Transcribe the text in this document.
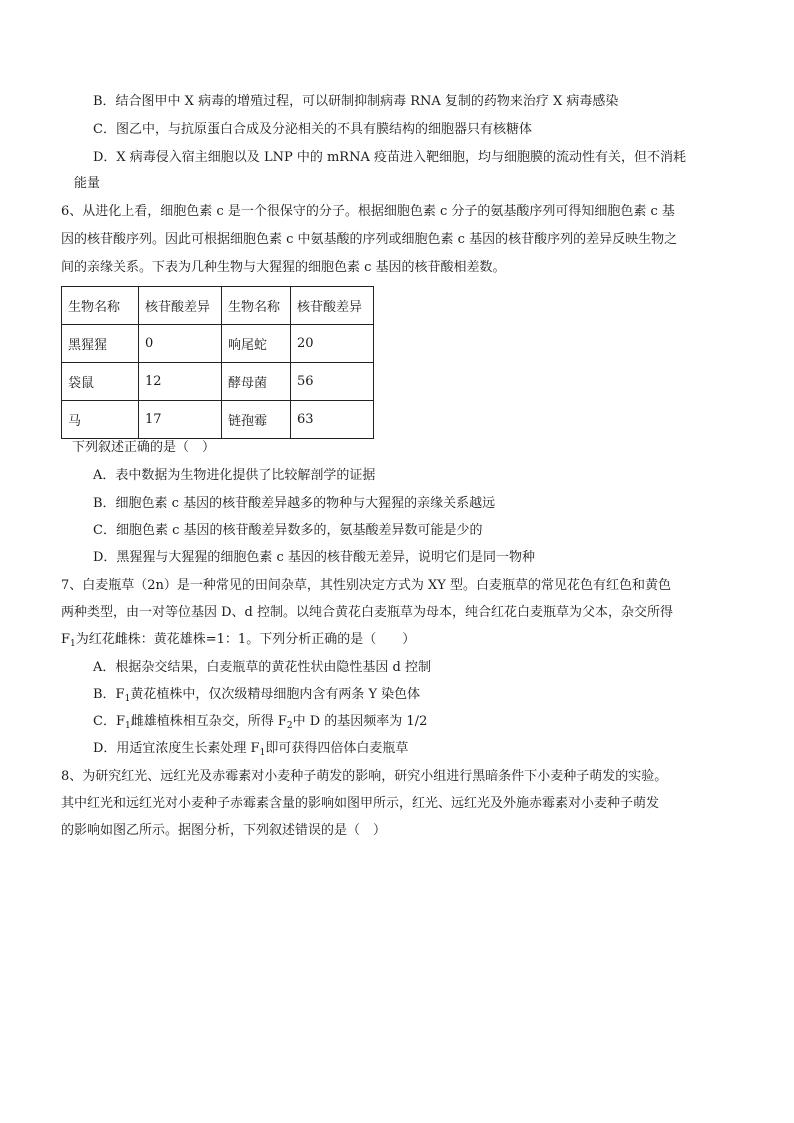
B．结合图甲中 X 病毒的增殖过程，可以研制抑制病毒 RNA 复制的药物来治疗 X 病毒感染
C．图乙中，与抗原蛋白合成及分泌相关的不具有膜结构的细胞器只有核糖体
D．X 病毒侵入宿主细胞以及 LNP 中的 mRNA 疫苗进入靶细胞，均与细胞膜的流动性有关，但不消耗
能量
6、从进化上看，细胞色素 c 是一个很保守的分子。根据细胞色素 c 分子的氨基酸序列可得知细胞色素 c 基
因的核苷酸序列。因此可根据细胞色素 c 中氨基酸的序列或细胞色素 c 基因的核苷酸序列的差异反映生物之
间的亲缘关系。下表为几种生物与大猩猩的细胞色素 c 基因的核苷酸相差数。
生物名称	核苷酸差异	生物名称	核苷酸差异
黑猩猩	0	响尾蛇	20
袋鼠	12	酵母菌	56
马	17	链孢霉	63
下列叙述正确的是（　）
A．表中数据为生物进化提供了比较解剖学的证据
B．细胞色素 c 基因的核苷酸差异越多的物种与大猩猩的亲缘关系越远
C．细胞色素 c 基因的核苷酸差异数多的，氨基酸差异数可能是少的
D．黑猩猩与大猩猩的细胞色素 c 基因的核苷酸无差异，说明它们是同一物种
7、白麦瓶草（2n）是一种常见的田间杂草，其性别决定方式为 XY 型。白麦瓶草的常见花色有红色和黄色
两种类型，由一对等位基因 D、d 控制。以纯合黄花白麦瓶草为母本，纯合红花白麦瓶草为父本，杂交所得
$F_1$为红花雌株：黄花雄株=1：1。下列分析正确的是（　　）
A．根据杂交结果，白麦瓶草的黄花性状由隐性基因 d 控制
B．$F_1$黄花植株中，仅次级精母细胞内含有两条 Y 染色体
C．$F_1$雌雄植株相互杂交，所得 $F_2$中 D 的基因频率为 1/2
D．用适宜浓度生长素处理 $F_1$即可获得四倍体白麦瓶草
8、为研究红光、远红光及赤霉素对小麦种子萌发的影响，研究小组进行黑暗条件下小麦种子萌发的实验。
其中红光和远红光对小麦种子赤霉素含量的影响如图甲所示，红光、远红光及外施赤霉素对小麦种子萌发
的影响如图乙所示。据图分析，下列叙述错误的是（　）
